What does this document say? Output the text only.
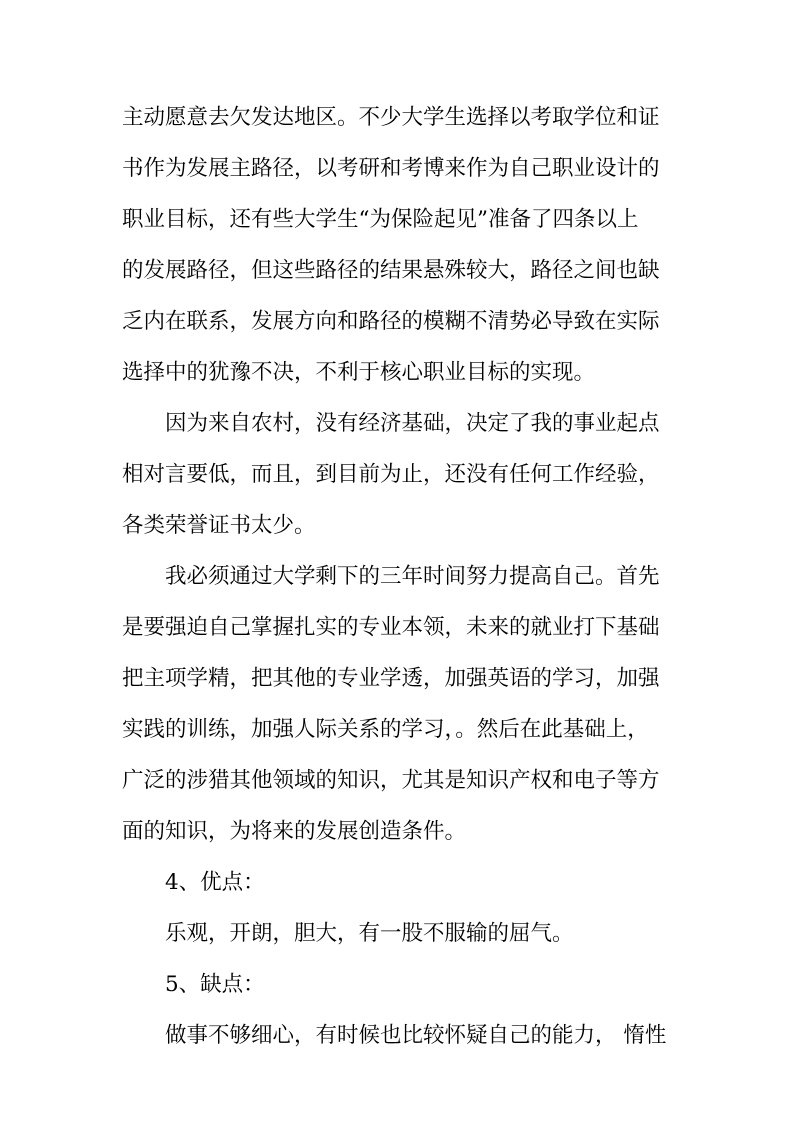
主动愿意去欠发达地区。不少大学生选择以考取学位和证
书作为发展主路径，以考研和考博来作为自己职业设计的
职业目标，还有些大学生“为保险起见”准备了四条以上
的发展路径，但这些路径的结果悬殊较大，路径之间也缺
乏内在联系，发展方向和路径的模糊不清势必导致在实际
选择中的犹豫不决，不利于核心职业目标的实现。
因为来自农村，没有经济基础，决定了我的事业起点
相对言要低，而且，到目前为止，还没有任何工作经验，
各类荣誉证书太少。
我必须通过大学剩下的三年时间努力提高自己。首先
是要强迫自己掌握扎实的专业本领，未来的就业打下基础
把主项学精，把其他的专业学透，加强英语的学习，加强
实践的训练，加强人际关系的学习，。然后在此基础上，
广泛的涉猎其他领域的知识，尤其是知识产权和电子等方
面的知识，为将来的发展创造条件。
4、优点：
乐观，开朗，胆大，有一股不服输的屈气。
5、缺点：
做事不够细心，有时候也比较怀疑自己的能力， 惰性
